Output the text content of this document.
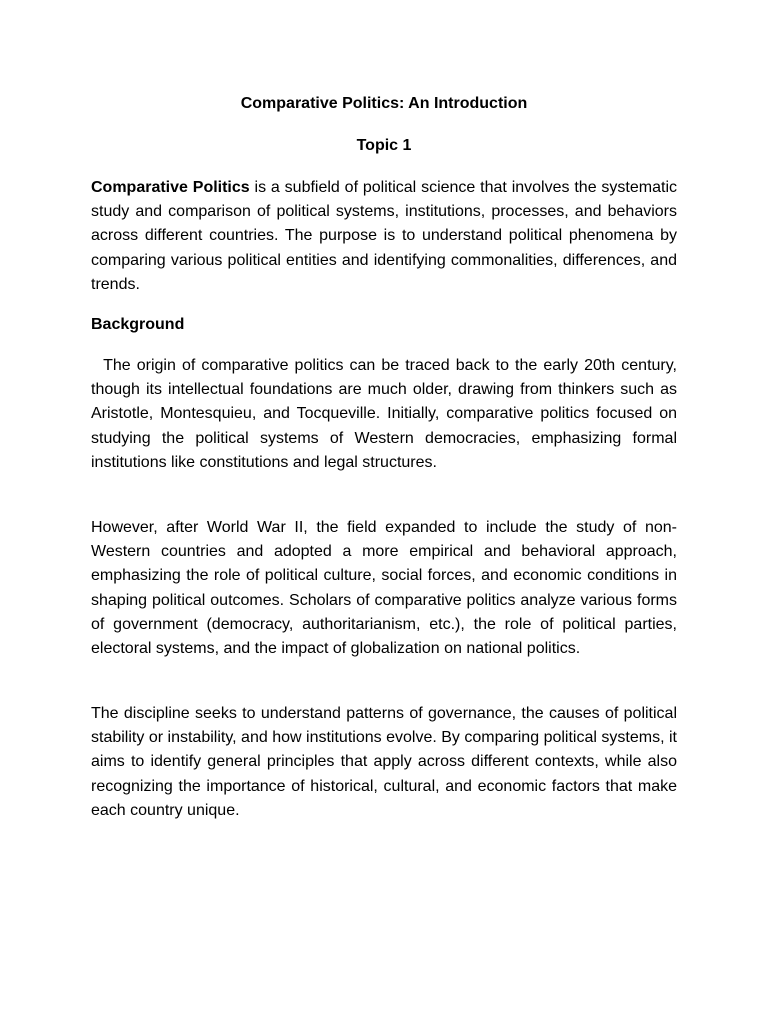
Comparative Politics: An Introduction
Topic 1

Comparative Politics is a subfield of political science that involves the systematic study and comparison of political systems, institutions, processes, and behaviors across different countries. The purpose is to understand political phenomena by comparing various political entities and identifying commonalities, differences, and trends.

Background

The origin of comparative politics can be traced back to the early 20th century, though its intellectual foundations are much older, drawing from thinkers such as Aristotle, Montesquieu, and Tocqueville. Initially, comparative politics focused on studying the political systems of Western democracies, emphasizing formal institutions like constitutions and legal structures.

However, after World War II, the field expanded to include the study of non-Western countries and adopted a more empirical and behavioral approach, emphasizing the role of political culture, social forces, and economic conditions in shaping political outcomes. Scholars of comparative politics analyze various forms of government (democracy, authoritarianism, etc.), the role of political parties, electoral systems, and the impact of globalization on national politics.

The discipline seeks to understand patterns of governance, the causes of political stability or instability, and how institutions evolve. By comparing political systems, it aims to identify general principles that apply across different contexts, while also recognizing the importance of historical, cultural, and economic factors that make each country unique.
